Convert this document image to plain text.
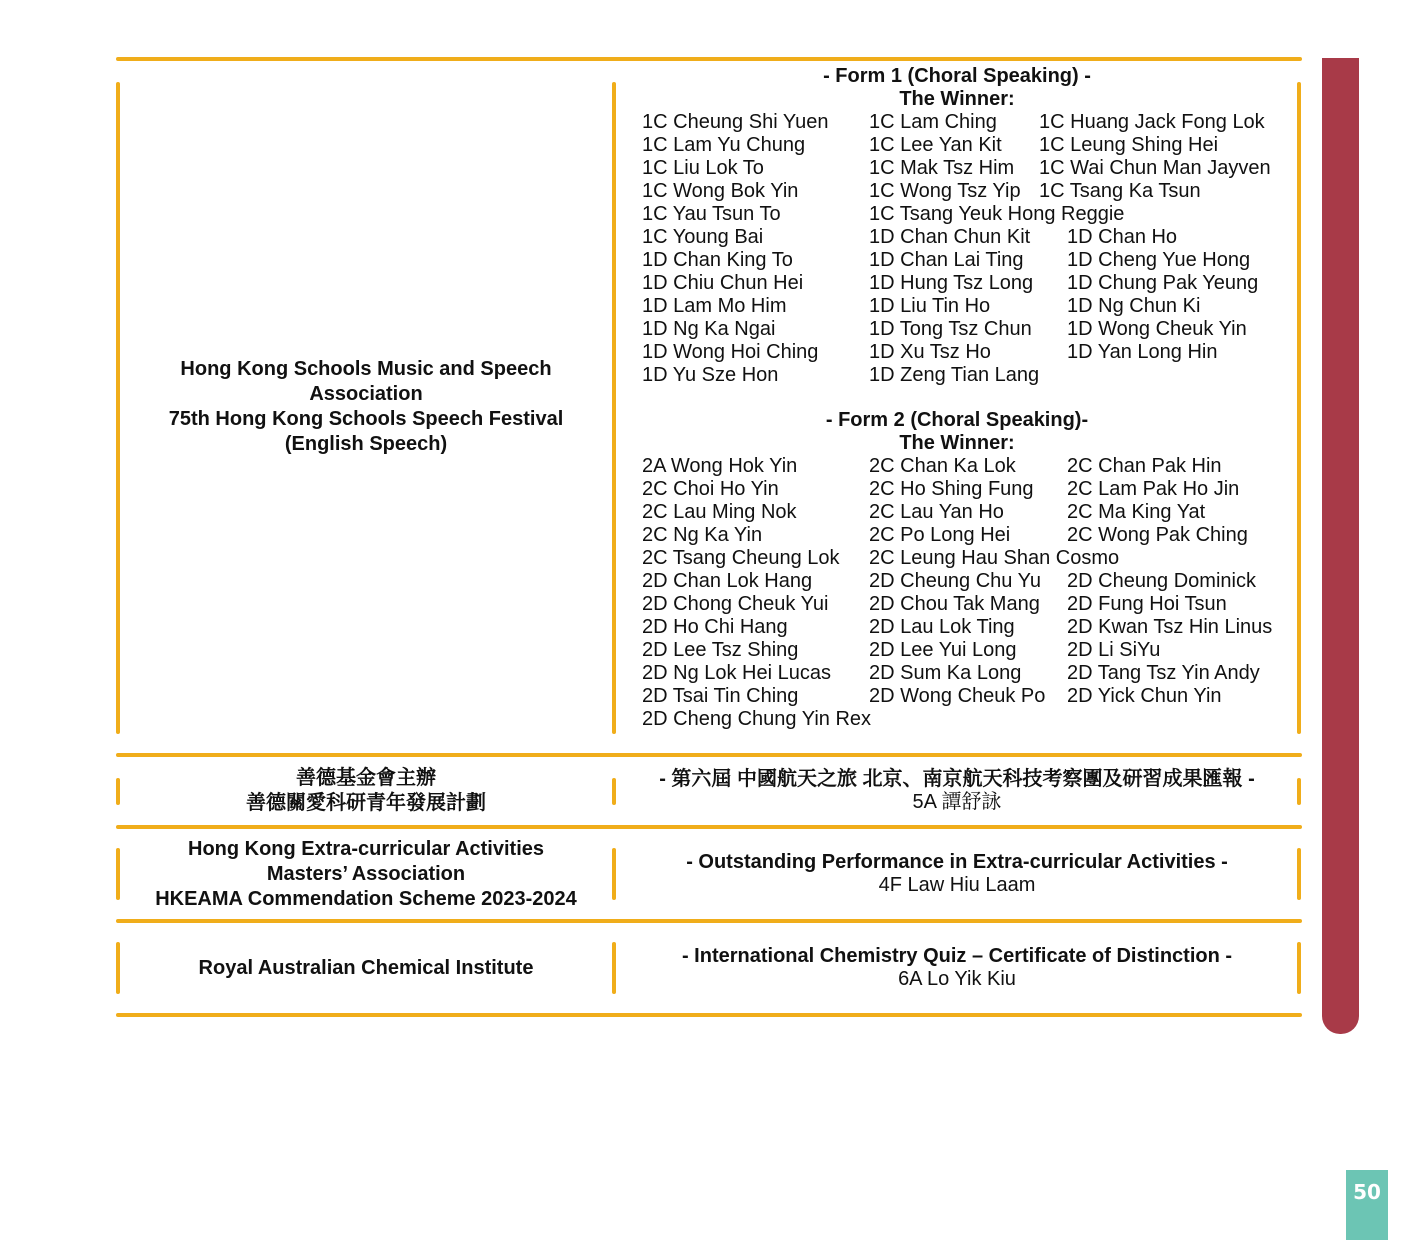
Hong Kong Schools Music and Speech
Association
75th Hong Kong Schools Speech Festival
(English Speech)
- Form 1 (Choral Speaking) -
The Winner:
1C Cheung Shi Yuen 1C Lam Ching 1C Huang Jack Fong Lok
1C Lam Yu Chung	1C Lee Yan Kit 1C Leung Shing Hei
1C Liu Lok To	1C Mak Tsz Him 1C Wai Chun Man Jayven
1C Wong Bok Yin	1C Wong Tsz Yip 1C Tsang Ka Tsun
1C Yau Tsun To	1C Tsang Yeuk Hong Reggie
1C Young Bai	1D Chan Chun Kit 1D Chan Ho
1D Chan King To	1D Chan Lai Ting 1D Cheng Yue Hong
1D Chiu Chun Hei	1D Hung Tsz Long 1D Chung Pak Yeung
1D Lam Mo Him	1D Liu Tin Ho	1D Ng Chun Ki
1D Ng Ka Ngai	1D Tong Tsz Chun 1D Wong Cheuk Yin
1D Wong Hoi Ching	1D Xu Tsz Ho	1D Yan Long Hin
1D Yu Sze Hon	1D Zeng Tian Lang
- Form 2 (Choral Speaking)-
The Winner:
2A Wong Hok Yin	2C Chan Ka Lok	2C Chan Pak Hin
2C Choi Ho Yin	2C Ho Shing Fung 2C Lam Pak Ho Jin
2C Lau Ming Nok	2C Lau Yan Ho	2C Ma King Yat
2C Ng Ka Yin	2C Po Long Hei	2C Wong Pak Ching
2C Tsang Cheung Lok 2C Leung Hau Shan Cosmo
2D Chan Lok Hang	2D Cheung Chu Yu 2D Cheung Dominick
2D Chong Cheuk Yui 2D Chou Tak Mang 2D Fung Hoi Tsun
2D Ho Chi Hang	2D Lau Lok Ting	2D Kwan Tsz Hin Linus
2D Lee Tsz Shing	2D Lee Yui Long	2D Li SiYu
2D Ng Lok Hei Lucas 2D Sum Ka Long 2D Tang Tsz Yin Andy
2D Tsai Tin Ching	2D Wong Cheuk Po 2D Yick Chun Yin
2D Cheng Chung Yin Rex
善德基金會主辦
善德關愛科研青年發展計劃
- 第六屆 中國航天之旅 北京、南京航天科技考察團及研習成果匯報 -
5A 譚舒詠
Hong Kong Extra-curricular Activities
Masters’ Association
HKEAMA Commendation Scheme 2023-2024
- Outstanding Performance in Extra-curricular Activities -
4F Law Hiu Laam
Royal Australian Chemical Institute
- International Chemistry Quiz – Certificate of Distinction -
6A Lo Yik Kiu
50
